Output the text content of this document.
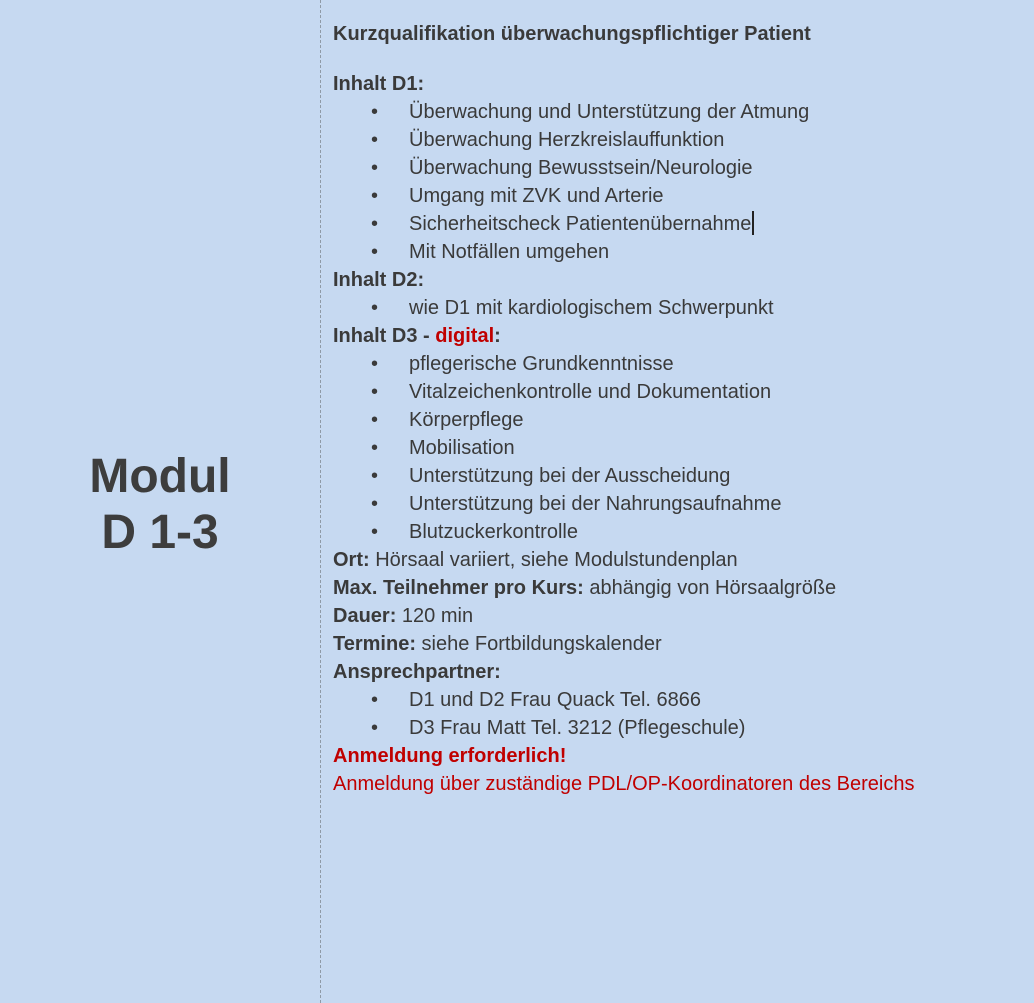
Modul
D 1-3

Kurzqualifikation überwachungspflichtiger Patient

Inhalt D1:

• Überwachung und Unterstützung der Atmung
• Überwachung Herzkreislauffunktion
• Überwachung Bewusstsein/Neurologie
• Umgang mit ZVK und Arterie
• Sicherheitscheck Patientenübernahme
• Mit Notfällen umgehen

Inhalt D2:

• wie D1 mit kardiologischem Schwerpunkt

Inhalt D3 - digital:

• pflegerische Grundkenntnisse
• Vitalzeichenkontrolle und Dokumentation
• Körperpflege
• Mobilisation
• Unterstützung bei der Ausscheidung
• Unterstützung bei der Nahrungsaufnahme
• Blutzuckerkontrolle

Ort: Hörsaal variiert, siehe Modulstundenplan

Max. Teilnehmer pro Kurs: abhängig von Hörsaalgröße

Dauer: 120 min

Termine: siehe Fortbildungskalender

Ansprechpartner:

• D1 und D2 Frau Quack Tel. 6866
• D3 Frau Matt Tel. 3212 (Pflegeschule)

Anmeldung erforderlich!

Anmeldung über zuständige PDL/OP-Koordinatoren des Bereichs
